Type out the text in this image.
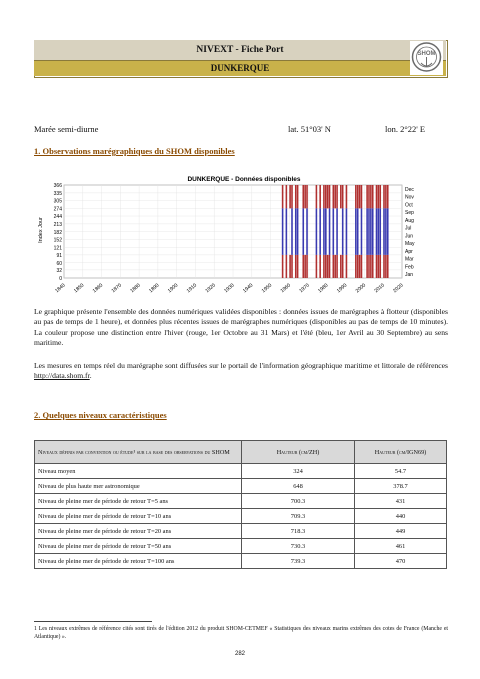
NIVEXT - Fiche Port
DUNKERQUE
SHOM
Marée semi-diurne	lat. 51°03' N	lon. 2°22' E
1. Observations marégraphiques du SHOM disponibles
DUNKERQUE - Données disponibles
Index Jour
366
335
305
274
244
213
182
152
121
91
60
32
0
1840 1850 1860 1870 1880 1890 1900 1910 1920 1930 1940 1950 1960 1970 1980 1990 2000 2010 2020
Dec
Nov
Oct
Sep
Aug
Jul
Jun
May
Apr
Mar
Feb
Jan
Le graphique présente l'ensemble des données numériques validées disponibles : données issues de marégraphes à flotteur (disponibles au pas de temps de 1 heure), et données plus récentes issues de marégraphes numériques (disponibles au pas de temps de 10 minutes). La couleur propose une distinction entre l'hiver (rouge, 1er Octobre au 31 Mars) et l'été (bleu, 1er Avril au 30 Septembre) au sens maritime.
Les mesures en temps réel du marégraphe sont diffusées sur le portail de l'information géographique maritime et littorale de références http://data.shom.fr.
2. Quelques niveaux caractéristiques
Niveaux définis par convention ou étude¹ sur la base des observations du SHOM	Hauteur (cm/ZH)	Hauteur (cm/IGN69)
Niveau moyen	324	54.7
Niveau de plus haute mer astronomique	648	378.7
Niveau de pleine mer de période de retour T=5 ans	700.3	431
Niveau de pleine mer de période de retour T=10 ans	709.3	440
Niveau de pleine mer de période de retour T=20 ans	718.3	449
Niveau de pleine mer de période de retour T=50 ans	730.3	461
Niveau de pleine mer de période de retour T=100 ans	739.3	470
1 Les niveaux extrêmes de référence cités sont tirés de l'édition 2012 du produit SHOM-CETMEF « Statistiques des niveaux marins extrêmes des cotes de France (Manche et Atlantique) ».
282
